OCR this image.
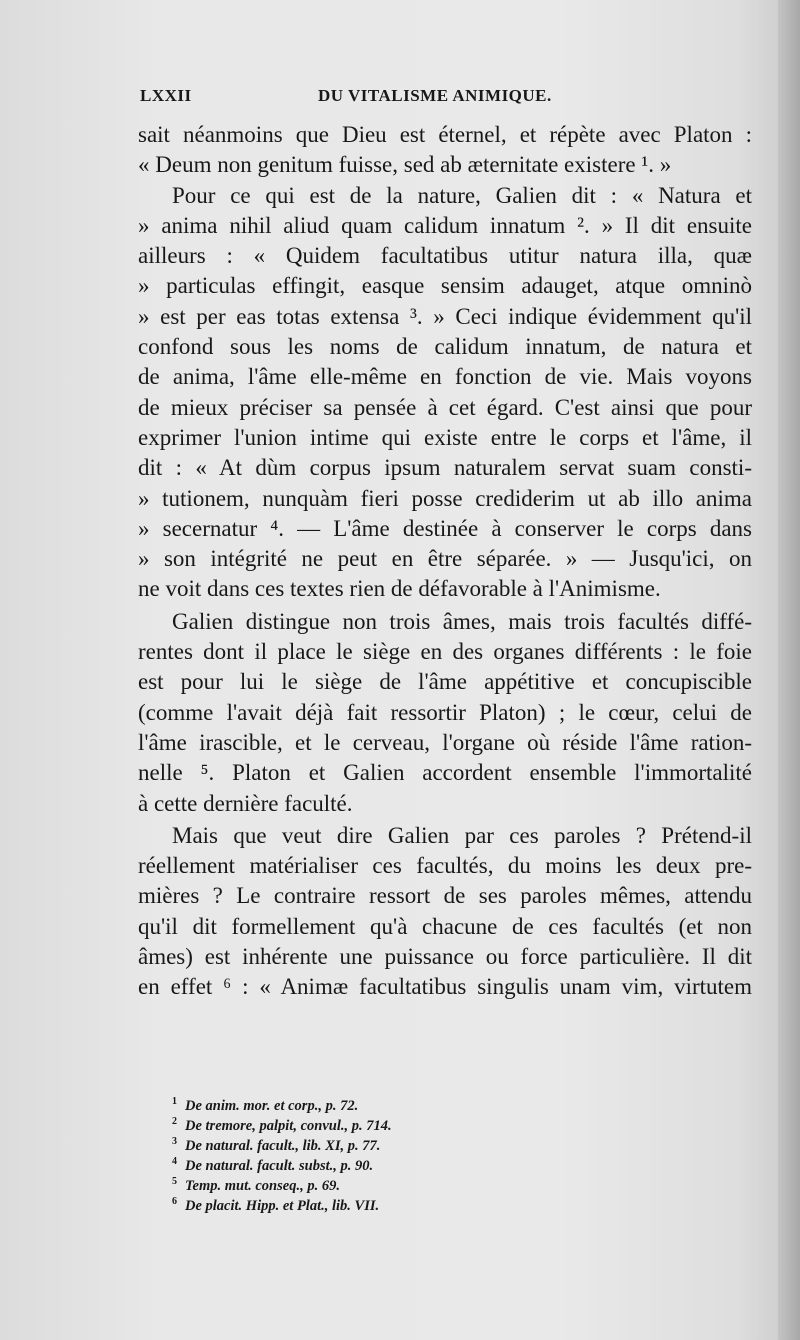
LXXII	DU VITALISME ANIMIQUE.

sait néanmoins que Dieu est éternel, et répète avec Platon :

« Deum non genitum fuisse, sed ab æternitate existere ¹. »

Pour ce qui est de la nature, Galien dit : « Natura et

» anima nihil aliud quam calidum innatum ². » Il dit ensuite

ailleurs : « Quidem facultatibus utitur natura illa, quæ

» particulas effingit, easque sensim adauget, atque omninò

» est per eas totas extensa ³. » Ceci indique évidemment qu'il

confond sous les noms de calidum innatum, de natura et

de anima, l'âme elle-même en fonction de vie. Mais voyons

de mieux préciser sa pensée à cet égard. C'est ainsi que pour

exprimer l'union intime qui existe entre le corps et l'âme, il

dit : « At dùm corpus ipsum naturalem servat suam consti-

» tutionem, nunquàm fieri posse crediderim ut ab illo anima

» secernatur ⁴. — L'âme destinée à conserver le corps dans

» son intégrité ne peut en être séparée. » — Jusqu'ici, on

ne voit dans ces textes rien de défavorable à l'Animisme.

Galien distingue non trois âmes, mais trois facultés diffé-

rentes dont il place le siège en des organes différents : le foie

est pour lui le siège de l'âme appétitive et concupiscible

(comme l'avait déjà fait ressortir Platon) ; le cœur, celui de

l'âme irascible, et le cerveau, l'organe où réside l'âme ration-

nelle ⁵. Platon et Galien accordent ensemble l'immortalité

à cette dernière faculté.

Mais que veut dire Galien par ces paroles ? Prétend-il

réellement matérialiser ces facultés, du moins les deux pre-

mières ? Le contraire ressort de ses paroles mêmes, attendu

qu'il dit formellement qu'à chacune de ces facultés (et non

âmes) est inhérente une puissance ou force particulière. Il dit

en effet ⁶ : « Animæ facultatibus singulis unam vim, virtutem

$^1$ De anim. mor. et corp., p. 72.
$^2$ De tremore, palpit, convul., p. 714.
$^3$ De natural. facult., lib. XI, p. 77.
$^4$ De natural. facult. subst., p. 90.
$^5$ Temp. mut. conseq., p. 69.
$^6$ De placit. Hipp. et Plat., lib. VII.
